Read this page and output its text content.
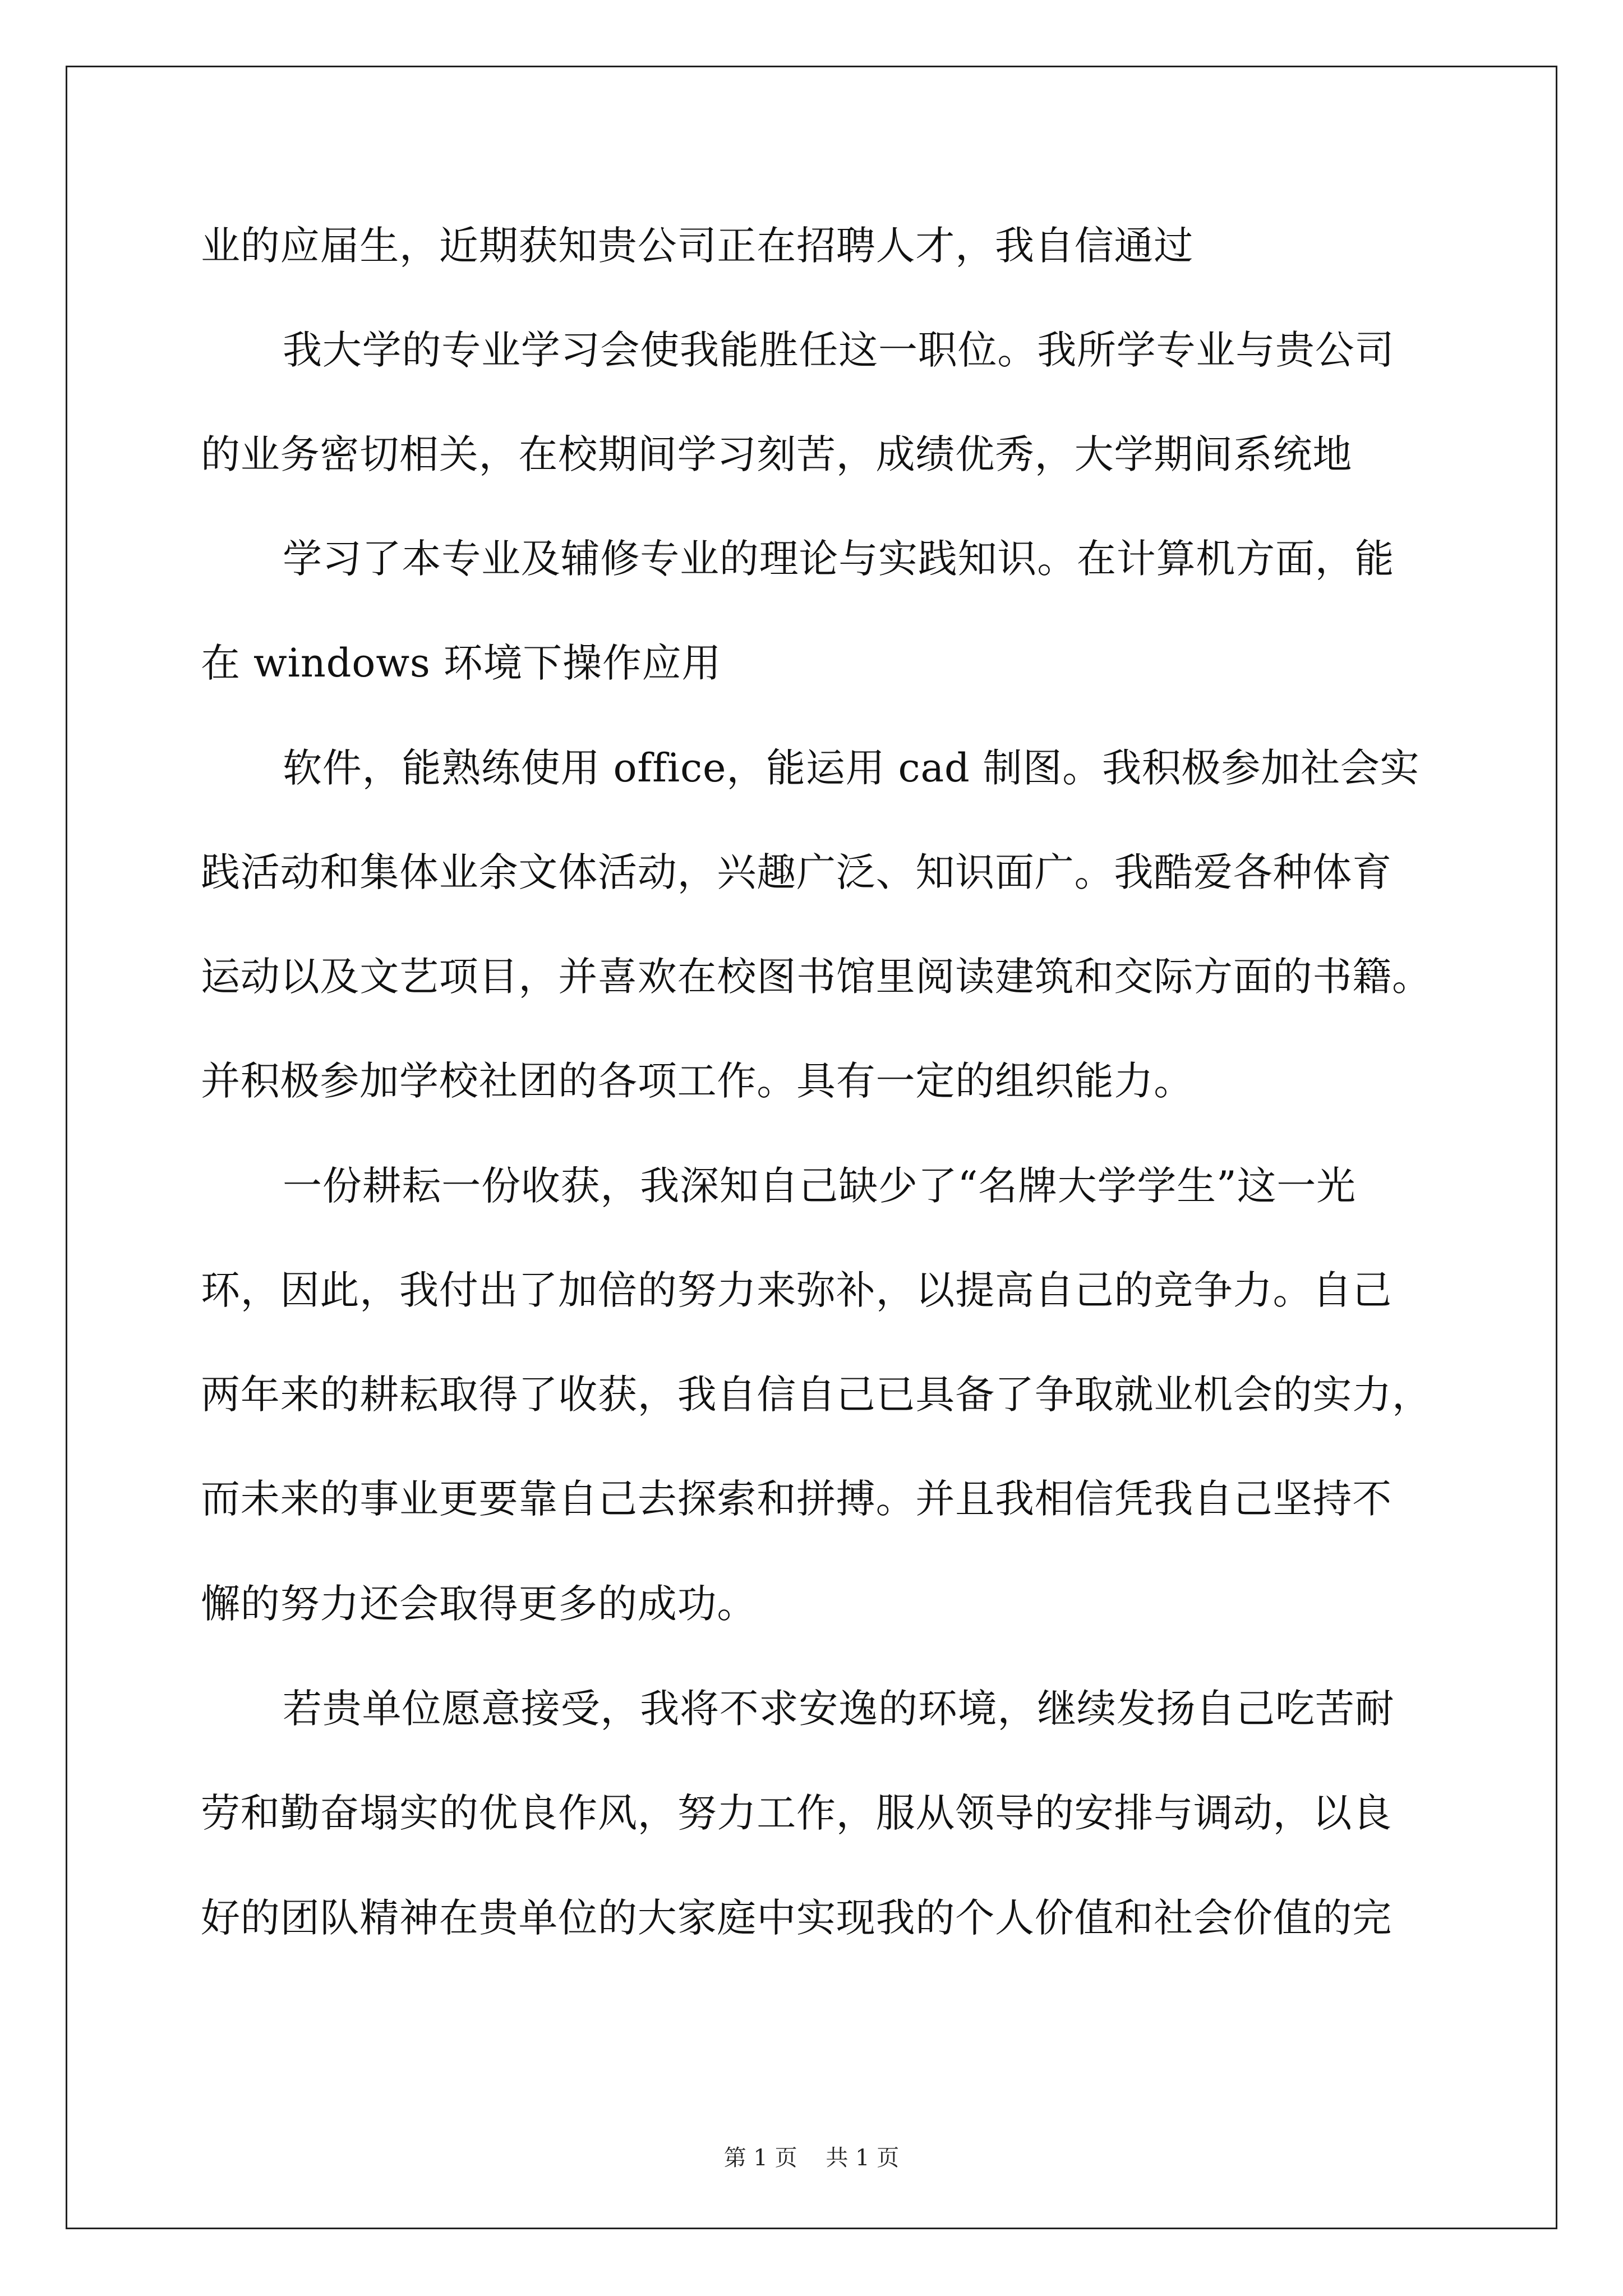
业的应届生，近期获知贵公司正在招聘人才，我自信通过
我大学的专业学习会使我能胜任这一职位。我所学专业与贵公司
的业务密切相关，在校期间学习刻苦，成绩优秀，大学期间系统地
学习了本专业及辅修专业的理论与实践知识。在计算机方面，能
在 windows 环境下操作应用
软件，能熟练使用 office，能运用 cad 制图。我积极参加社会实
践活动和集体业余文体活动，兴趣广泛、知识面广。我酷爱各种体育
运动以及文艺项目，并喜欢在校图书馆里阅读建筑和交际方面的书籍。
并积极参加学校社团的各项工作。具有一定的组织能力。
一份耕耘一份收获，我深知自己缺少了“名牌大学学生”这一光
环，因此，我付出了加倍的努力来弥补，以提高自己的竞争力。自己
两年来的耕耘取得了收获，我自信自己已具备了争取就业机会的实力，
而未来的事业更要靠自己去探索和拼搏。并且我相信凭我自己坚持不
懈的努力还会取得更多的成功。
若贵单位愿意接受，我将不求安逸的环境，继续发扬自己吃苦耐
劳和勤奋塌实的优良作风，努力工作，服从领导的安排与调动，以良
好的团队精神在贵单位的大家庭中实现我的个人价值和社会价值的完
第 1 页    共 1 页
